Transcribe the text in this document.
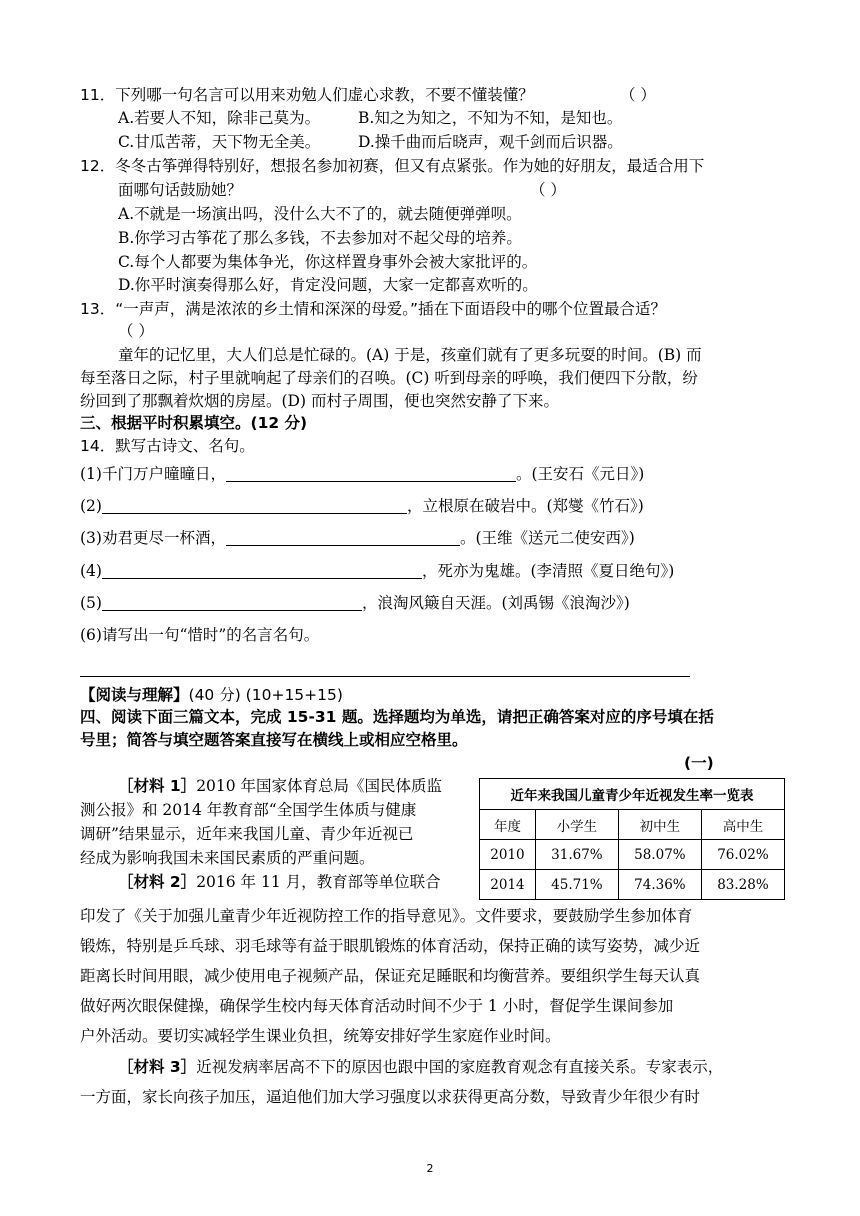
11．下列哪一句名言可以用来劝勉人们虚心求教，不要不懂装懂？	（ ）
A.若要人不知，除非己莫为。 B.知之为知之，不知为不知，是知也。
C.甘瓜苦蒂，天下物无全美。 D.操千曲而后晓声，观千剑而后识器。
12．冬冬古筝弹得特别好，想报名参加初赛，但又有点紧张。作为她的好朋友，最适合用下
面哪句话鼓励她？	（ ）
A.不就是一场演出吗，没什么大不了的，就去随便弹弹呗。
B.你学习古筝花了那么多钱，不去参加对不起父母的培养。
C.每个人都要为集体争光，你这样置身事外会被大家批评的。
D.你平时演奏得那么好，肯定没问题，大家一定都喜欢听的。
13．“一声声，满是浓浓的乡土情和深深的母爱。”插在下面语段中的哪个位置最合适？
（ ）
童年的记忆里，大人们总是忙碌的。(A) 于是，孩童们就有了更多玩耍的时间。(B) 而
每至落日之际，村子里就响起了母亲们的召唤。(C) 听到母亲的呼唤，我们便四下分散，纷
纷回到了那飘着炊烟的房屋。(D) 而村子周围，便也突然安静了下来。
三、根据平时积累填空。(12 分)
14．默写古诗文、名句。
(1)千门万户曈曈日，	。(王安石《元日》)
(2)	，立根原在破岩中。(郑燮《竹石》)
(3)劝君更尽一杯酒，	。(王维《送元二使安西》)
(4)	，死亦为鬼雄。(李清照《夏日绝句》)
(5)	，浪淘风簸自天涯。(刘禹锡《浪淘沙》)
(6)请写出一句“惜时”的名言名句。
【阅读与理解】(40 分) (10+15+15)
四、阅读下面三篇文本，完成 15-31 题。选择题均为单选，请把正确答案对应的序号填在括
号里；简答与填空题答案直接写在横线上或相应空格里。
(一)
［材料 1］2010 年国家体育总局《国民体质监
测公报》和 2014 年教育部“全国学生体质与健康
调研”结果显示，近年来我国儿童、青少年近视已
经成为影响我国未来国民素质的严重问题。
［材料 2］2016 年 11 月，教育部等单位联合
印发了《关于加强儿童青少年近视防控工作的指导意见》。文件要求，要鼓励学生参加体育
锻炼，特别是乒乓球、羽毛球等有益于眼肌锻炼的体育活动，保持正确的读写姿势，减少近
距离长时间用眼，减少使用电子视频产品，保证充足睡眠和均衡营养。要组织学生每天认真
做好两次眼保健操，确保学生校内每天体育活动时间不少于 1 小时，督促学生课间参加
户外活动。要切实减轻学生课业负担，统筹安排好学生家庭作业时间。
［材料 3］近视发病率居高不下的原因也跟中国的家庭教育观念有直接关系。专家表示，
一方面，家长向孩子加压，逼迫他们加大学习强度以求获得更高分数，导致青少年很少有时
近年来我国儿童青少年近视发生率一览表			
年度	小学生	初中生	高中生
2010	31.67%	58.07%	76.02%
2014	45.71%	74.36%	83.28%
2
